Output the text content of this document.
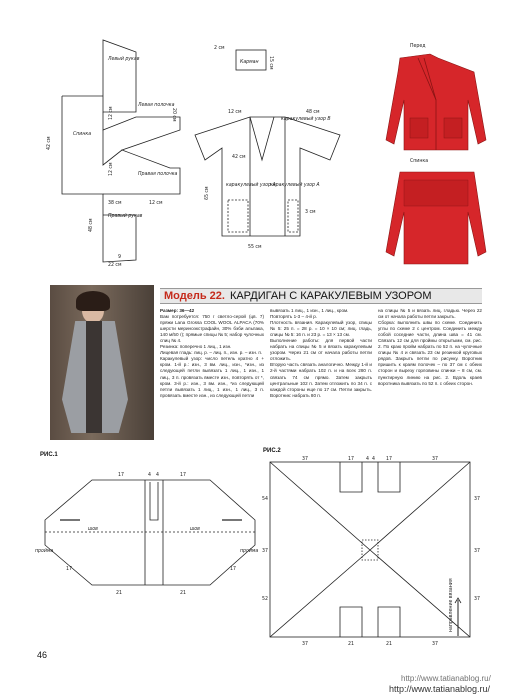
Левый рукав
Спинка
Левая полочка
Правая полочка
Правый рукав
42 см
20 см
12 см
12 см
38 см	12 см
48 см
9
22 см
Карман
2 см
15 см
каракулевый узор В
12 см	48 см
42 см
каракулевый узор А
каракулевый узор А
65 см
55 см
3 см
Перед
Спинка
Модель 22. КАРДИГАН С КАРАКУЛЕВЫМ УЗОРОМ
Размер: 36—42
Вам потребуется: 750 г светло-серой (цв. 7) пряжи Lana Grossa COOL WOOL ALPACA (70% шерсти мериноэкстрафайн, 30% бэби альпака, 140 м/50 г); прямые спицы № 5; набор чулочных спиц № 4.
Резинка: поперечно 1 лиц., 1 изн.
Лицевая гладь: лиц. р. – лиц. п., изн. р. – изн. п.
Каракулевый узор: число петель кратно 4 + кром. 1-й р.: изн., 3 вм. лиц., изн., *изн., из следующей петли вывязать 1 лиц., 1 изн., 1 лиц., 3 п. провязать вместе изн., повторять от *, кром. 3-й р.: изн., 3 вм. изн., *из следующей петли вывязать 1 лиц., 1 изн., 1 лиц., 3 п. провязать вместе изн., из следующей петли
вывязать 1 лиц., 1 изн., 1 лиц., кром.
Повторять 1-3 – 4-й р.
Плотность вязания. Каракулевый узор, спицы № 5: 25 п. = 28 р. = 10 × 10 см; лиц. гладь, спицы № 5: 16 п. и 23 р. = 13 × 13 см.
Выполнение работы: для первой части набрать на спицы № 5 и вязать каракулевым узором. Через 21 см от начала работы петли отложить.
Вторую часть связать аналогично. Между 1-й и 2-й частями набрать 102 п. и на всех 280 п. связать 74 см прямо. Затем закрыть центральные 102 п. Затем отложить по 34 п. с каждой стороны еще по 17 см. Петли закрыть. Воротник: набрать 80 п.
на спицы № 5 и вязать лиц. гладью. Через 22 см от начала работы петли закрыть.
Сборка: выполнить швы по схеме. Соединить углы по схеме 2 с центром. Соединить между собой соседние части, длина шва = 41 см. Связать 12 см для проймы открытыми, см. рис. 2. По краю пройм набрать по 52 п. на чулочные спицы № 4 и связать 23 см резинкой круговых рядов. Закрыть петли по рисунку. Воротник пришить к краям полочек – по 37 см с обеих сторон и вырезу горловины спинки – 8 см, см. пунктирную линию на рис. 2. Вдоль краев воротника вывязать по 52 п. с обеих сторон.
РИС.1
РИС.2
17	4 4	17
пройма	пройма
шов	шов
17	17
21	21
37	17 4 4 17	37
54
37
52
37
37
37
37	21	21	37
направление вязания
46
http://www.tatianablog.ru/
http://www.tatianablog.ru/
